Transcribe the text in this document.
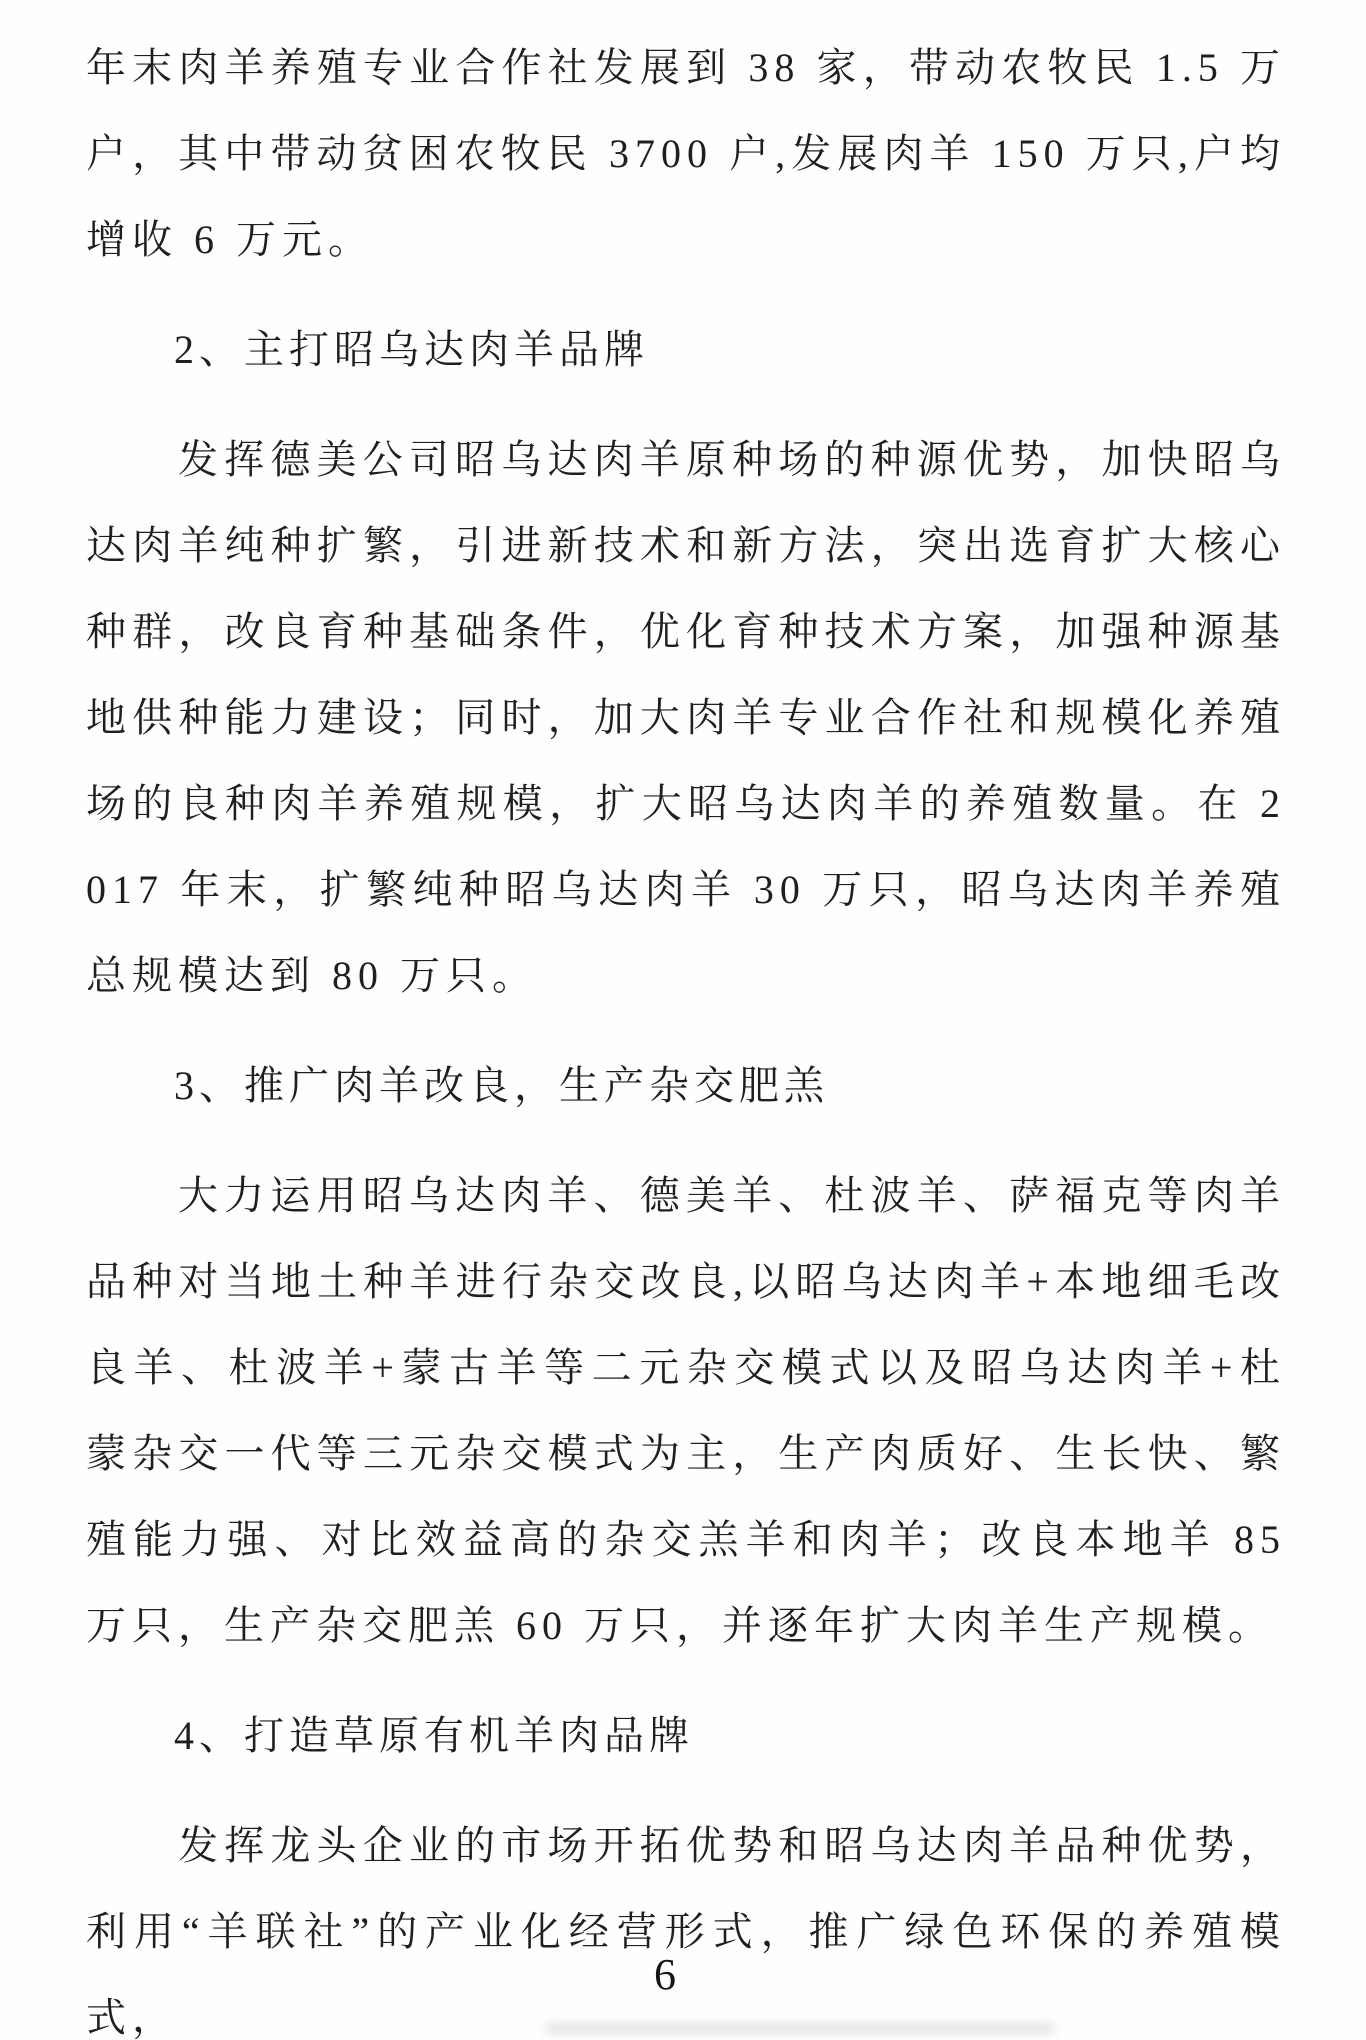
年末肉羊养殖专业合作社发展到 38 家，带动农牧民 1.5 万户，其中带动贫困农牧民 3700 户,发展肉羊 150 万只,户均增收 6 万元。

2、主打昭乌达肉羊品牌

发挥德美公司昭乌达肉羊原种场的种源优势，加快昭乌达肉羊纯种扩繁，引进新技术和新方法，突出选育扩大核心种群，改良育种基础条件，优化育种技术方案，加强种源基地供种能力建设；同时，加大肉羊专业合作社和规模化养殖场的良种肉羊养殖规模，扩大昭乌达肉羊的养殖数量。在 2017 年末，扩繁纯种昭乌达肉羊 30 万只，昭乌达肉羊养殖总规模达到 80 万只。

3、推广肉羊改良，生产杂交肥羔

大力运用昭乌达肉羊、德美羊、杜波羊、萨福克等肉羊品种对当地土种羊进行杂交改良,以昭乌达肉羊+本地细毛改良羊、杜波羊+蒙古羊等二元杂交模式以及昭乌达肉羊+杜蒙杂交一代等三元杂交模式为主，生产肉质好、生长快、繁殖能力强、对比效益高的杂交羔羊和肉羊；改良本地羊 85 万只，生产杂交肥羔 60 万只，并逐年扩大肉羊生产规模。

4、打造草原有机羊肉品牌

发挥龙头企业的市场开拓优势和昭乌达肉羊品种优势，利用“羊联社”的产业化经营形式，推广绿色环保的养殖模式，

6
